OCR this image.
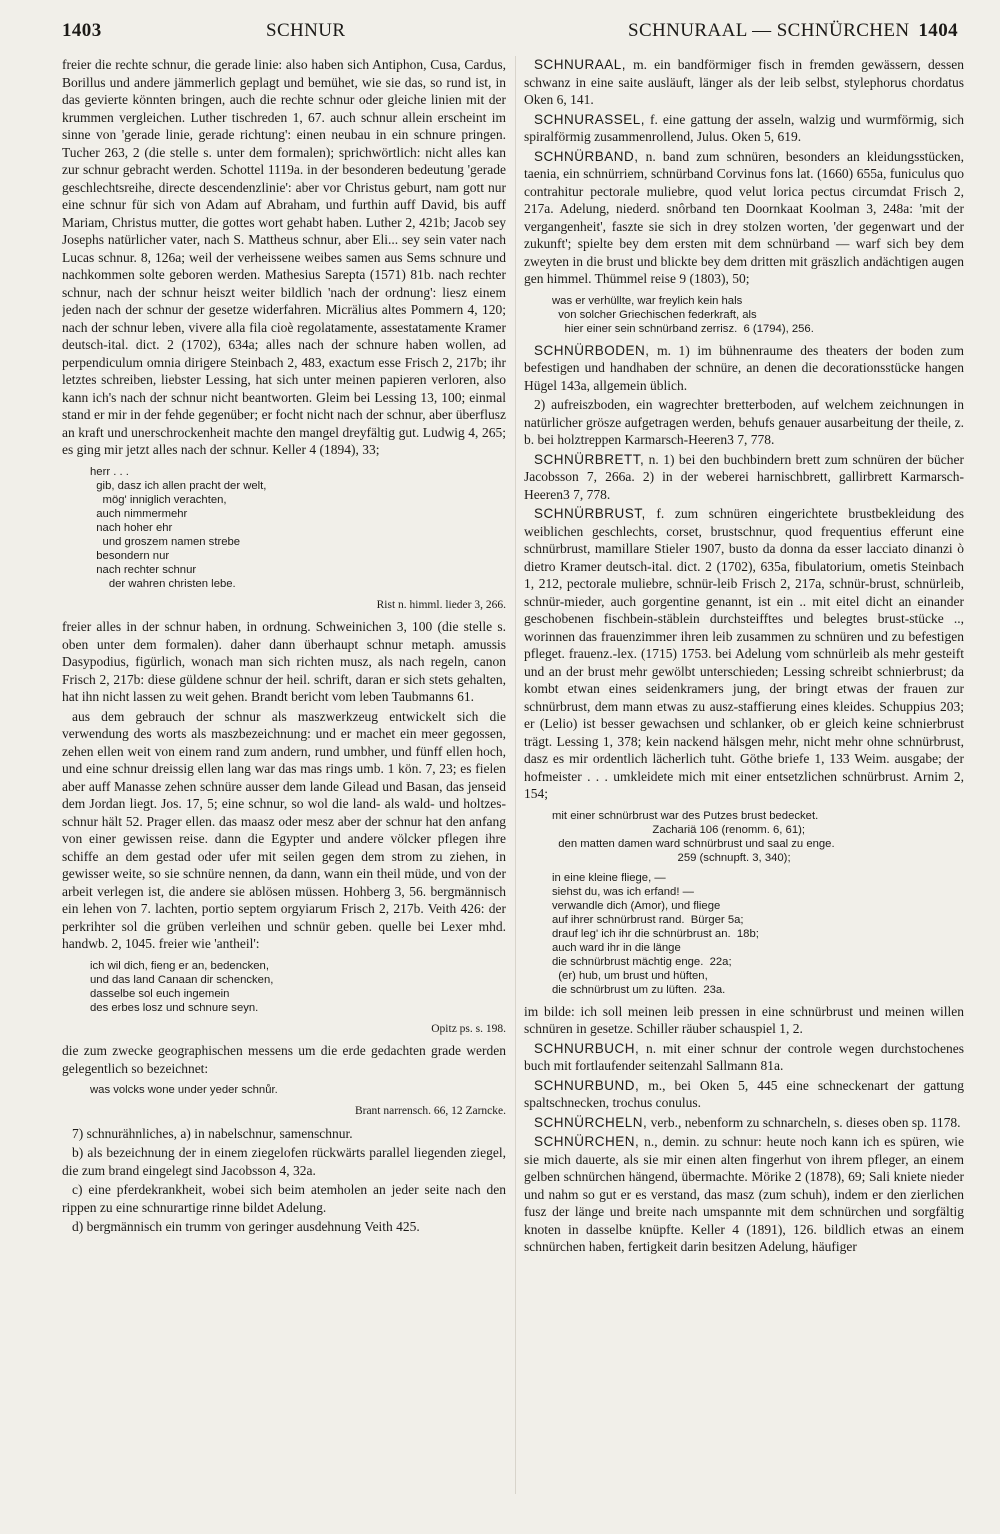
1403	SCHNUR	SCHNURAAL — SCHNÜRCHEN 1404

freier die rechte schnur, die gerade linie: also haben sich Antiphon, Cusa, Cardus, Borillus und andere jämmerlich geplagt und bemühet, wie sie das, so rund ist, in das gevierte könnten bringen, auch die rechte schnur oder gleiche linien mit der krummen vergleichen. Luther tischreden 1, 67. auch schnur allein erscheint im sinne von 'gerade linie, gerade richtung': einen neubau in ein schnure pringen. Tucher 263, 2 (die stelle s. unter dem formalen); sprichwörtlich: nicht alles kan zur schnur gebracht werden. Schottel 1119a. in der besonderen bedeutung 'gerade geschlechtsreihe, directe descendenzlinie': aber vor Christus geburt, nam gott nur eine schnur für sich von Adam auf Abraham, und furthin auff David, bis auff Mariam, Christus mutter, die gottes wort gehabt haben. Luther 2, 421b; Jacob sey Josephs natürlicher vater, nach S. Mattheus schnur, aber Eli... sey sein vater nach Lucas schnur. 8, 126a; weil der verheissene weibes samen aus Sems schnure und nachkommen solte geboren werden. Mathesius Sarepta (1571) 81b. nach rechter schnur, nach der schnur heiszt weiter bildlich 'nach der ordnung': liesz einem jeden nach der schnur der gesetze widerfahren. Micrälius altes Pommern 4, 120; nach der schnur leben, vivere alla fila cioè regolatamente, assestatamente Kramer deutsch-ital. dict. 2 (1702), 634a; alles nach der schnure haben wollen, ad perpendiculum omnia dirigere Steinbach 2, 483, exactum esse Frisch 2, 217b; ihr letztes schreiben, liebster Lessing, hat sich unter meinen papieren verloren, also kann ich's nach der schnur nicht beantworten. Gleim bei Lessing 13, 100; einmal stand er mir in der fehde gegenüber; er focht nicht nach der schnur, aber überflusz an kraft und unerschrockenheit machte den mangel dreyfältig gut. Ludwig 4, 265; es ging mir jetzt alles nach der schnur. Keller 4 (1894), 33;

herr . . .
gib, dasz ich allen pracht der welt,
mög' inniglich verachten,
auch nimmermehr
nach hoher ehr
und groszem namen strebe
besondern nur
nach rechter schnur
der wahren christen lebe.
Rist n. himml. lieder 3, 266.

freier alles in der schnur haben, in ordnung. Schweinichen 3, 100 (die stelle s. oben unter dem formalen). daher dann überhaupt schnur metaph. amussis Dasypodius, figürlich, wonach man sich richten musz, als nach regeln, canon Frisch 2, 217b: diese güldene schnur der heil. schrift, daran er sich stets gehalten, hat ihn nicht lassen zu weit gehen. Brandt bericht vom leben Taubmanns 61.

aus dem gebrauch der schnur als maszwerkzeug entwickelt sich die verwendung des worts als maszbezeichnung: und er machet ein meer gegossen, zehen ellen weit von einem rand zum andern, rund umbher, und fünff ellen hoch, und eine schnur dreissig ellen lang war das mas rings umb. 1 kön. 7, 23; es fielen aber auff Manasse zehen schnüre ausser dem lande Gilead und Basan, das jenseid dem Jordan liegt. Jos. 17, 5; eine schnur, so wol die land- als wald- und holtzes-schnur hält 52. Prager ellen. das maasz oder mesz aber der schnur hat den anfang von einer gewissen reise. dann die Egypter und andere völcker pflegen ihre schiffe an dem gestad oder ufer mit seilen gegen dem strom zu ziehen, in gewisser weite, so sie schnüre nennen, da dann, wann ein theil müde, und von der arbeit verlegen ist, die andere sie ablösen müssen. Hohberg 3, 56. bergmännisch ein lehen von 7. lachten, portio septem orgyiarum Frisch 2, 217b. Veith 426: der perkrihter sol die grüben verleihen und schnür geben. quelle bei Lexer mhd. handwb. 2, 1045. freier wie 'antheil':

ich wil dich, fieng er an, bedencken,
und das land Canaan dir schencken,
dasselbe sol euch ingemein
des erbes losz und schnure seyn.
Opitz ps. s. 198.

die zum zwecke geographischen messens um die erde gedachten grade werden gelegentlich so bezeichnet:

was volcks wone under yeder schnůr.
Brant narrensch. 66, 12 Zarncke.

7) schnurähnliches, a) in nabelschnur, samenschnur.

b) als bezeichnung der in einem ziegelofen rückwärts parallel liegenden ziegel, die zum brand eingelegt sind Jacobsson 4, 32a.

c) eine pferdekrankheit, wobei sich beim atemholen an jeder seite nach den rippen zu eine schnurartige rinne bildet Adelung.

d) bergmännisch ein trumm von geringer ausdehnung Veith 425.

SCHNURAAL, m. ein bandförmiger fisch in fremden gewässern, dessen schwanz in eine saite ausläuft, länger als der leib selbst, stylephorus chordatus Oken 6, 141.

SCHNURASSEL, f. eine gattung der asseln, walzig und wurmförmig, sich spiralförmig zusammenrollend, Julus. Oken 5, 619.

SCHNÜRBAND, n. band zum schnüren, besonders an kleidungsstücken, taenia, ein schnürriem, schnürband Corvinus fons lat. (1660) 655a, funiculus quo contrahitur pectorale muliebre, quod velut lorica pectus circumdat Frisch 2, 217a. Adelung, niederd. snôrband ten Doornkaat Koolman 3, 248a: 'mit der vergangenheit', faszte sie sich in drey stolzen worten, 'der gegenwart und der zukunft'; spielte bey dem ersten mit dem schnürband — warf sich bey dem zweyten in die brust und blickte bey dem dritten mit gräszlich andächtigen augen gen himmel. Thümmel reise 9 (1803), 50;

was er verhüllte, war freylich kein hals
von solcher Griechischen federkraft, als
hier einer sein schnürband zerrisz.  6 (1794), 256.

SCHNÜRBODEN, m. 1) im bühnenraume des theaters der boden zum befestigen und handhaben der schnüre, an denen die decorationsstücke hangen Hügel 143a, allgemein üblich.

2) aufreiszboden, ein wagrechter bretterboden, auf welchem zeichnungen in natürlicher grösze aufgetragen werden, behufs genauer ausarbeitung der theile, z. b. bei holztreppen Karmarsch-Heeren3 7, 778.

SCHNÜRBRETT, n. 1) bei den buchbindern brett zum schnüren der bücher Jacobsson 7, 266a. 2) in der weberei harnischbrett, gallirbrett Karmarsch-Heeren3 7, 778.

SCHNÜRBRUST, f. zum schnüren eingerichtete brustbekleidung des weiblichen geschlechts, corset, brustschnur, quod frequentius efferunt eine schnürbrust, mamillare Stieler 1907, busto da donna da esser lacciato dinanzi ò dietro Kramer deutsch-ital. dict. 2 (1702), 635a, fibulatorium, ometis Steinbach 1, 212, pectorale muliebre, schnür-leib Frisch 2, 217a, schnür-brust, schnürleib, schnür-mieder, auch gorgentine genannt, ist ein .. mit eitel dicht an einander geschobenen fischbein-stäblein durchsteifftes und belegtes brust-stücke .., worinnen das frauenzimmer ihren leib zusammen zu schnüren und zu befestigen pfleget. frauenz.-lex. (1715) 1753. bei Adelung vom schnürleib als mehr gesteift und an der brust mehr gewölbt unterschieden; Lessing schreibt schnierbrust; da kombt etwan eines seidenkramers jung, der bringt etwas der frauen zur schnürbrust, dem mann etwas zu ausz-staffierung eines kleides. Schuppius 203; er (Lelio) ist besser gewachsen und schlanker, ob er gleich keine schnierbrust trägt. Lessing 1, 378; kein nackend hälsgen mehr, nicht mehr ohne schnürbrust, dasz es mir ordentlich lächerlich tuht. Göthe briefe 1, 133 Weim. ausgabe; der hofmeister . . . umkleidete mich mit einer entsetzlichen schnürbrust. Arnim 2, 154;

mit einer schnürbrust war des Putzes brust bedecket.
Zachariä 106 (renomm. 6, 61);
den matten damen ward schnürbrust und saal zu enge.
259 (schnupft. 3, 340);
in eine kleine fliege, —
siehst du, was ich erfand! —
verwandle dich (Amor), und fliege
auf ihrer schnürbrust rand.  Bürger 5a;
drauf leg' ich ihr die schnürbrust an.  18b;
auch ward ihr in die länge
die schnürbrust mächtig enge.  22a;
(er) hub, um brust und hüften,
die schnürbrust um zu lüften.  23a.

im bilde: ich soll meinen leib pressen in eine schnürbrust und meinen willen schnüren in gesetze. Schiller räuber schauspiel 1, 2.

SCHNURBUCH, n. mit einer schnur der controle wegen durchstochenes buch mit fortlaufender seitenzahl Sallmann 81a.

SCHNURBUND, m., bei Oken 5, 445 eine schneckenart der gattung spaltschnecken, trochus conulus.

SCHNÜRCHELN, verb., nebenform zu schnarcheln, s. dieses oben sp. 1178.

SCHNÜRCHEN, n., demin. zu schnur: heute noch kann ich es spüren, wie sie mich dauerte, als sie mir einen alten fingerhut von ihrem pfleger, an einem gelben schnürchen hängend, übermachte. Mörike 2 (1878), 69; Sali kniete nieder und nahm so gut er es verstand, das masz (zum schuh), indem er den zierlichen fusz der länge und breite nach umspannte mit dem schnürchen und sorgfältig knoten in dasselbe knüpfte. Keller 4 (1891), 126. bildlich etwas an einem schnürchen haben, fertigkeit darin besitzen Adelung, häufiger
